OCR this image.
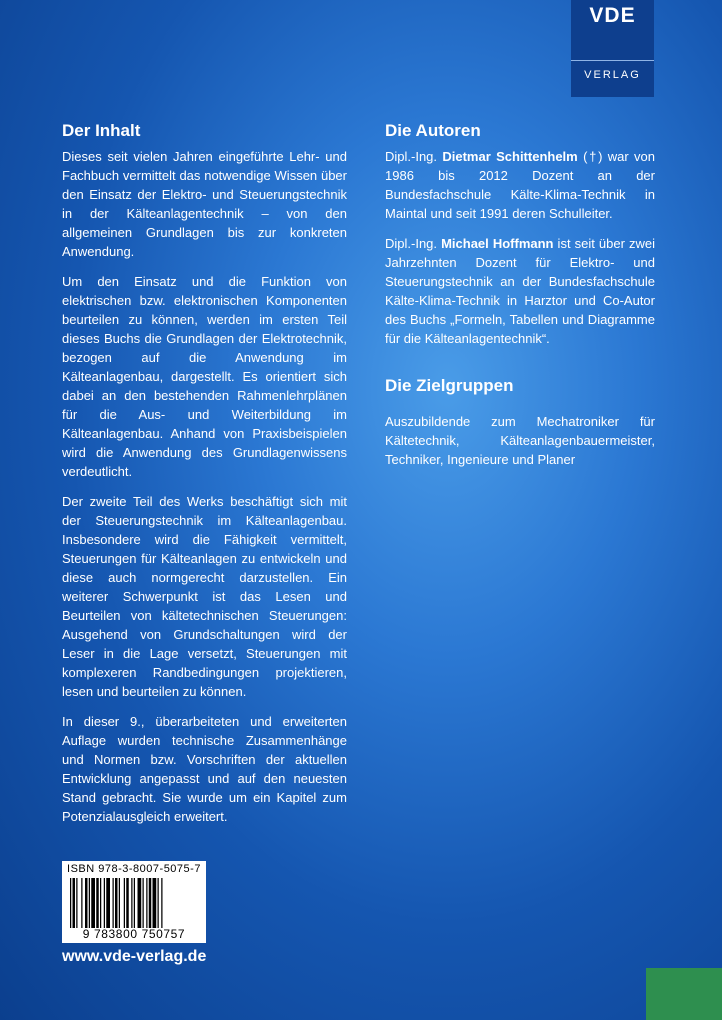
VDE
VERLAG
Der Inhalt

Dieses seit vielen Jahren eingeführte Lehr- und Fachbuch vermittelt das notwendige Wissen über den Einsatz der Elektro- und Steuerungstechnik in der Kälteanlagentechnik – von den allgemeinen Grundlagen bis zur konkreten Anwendung.

Um den Einsatz und die Funktion von elektrischen bzw. elektronischen Komponenten beurteilen zu können, werden im ersten Teil dieses Buchs die Grundlagen der Elektrotechnik, bezogen auf die Anwendung im Kälteanlagenbau, dargestellt. Es orientiert sich dabei an den bestehenden Rahmenlehrplänen für die Aus- und Weiterbildung im Kälteanlagenbau. Anhand von Praxisbeispielen wird die Anwendung des Grundlagenwissens verdeutlicht.

Der zweite Teil des Werks beschäftigt sich mit der Steuerungstechnik im Kälteanlagenbau. Insbesondere wird die Fähigkeit vermittelt, Steuerungen für Kälteanlagen zu entwickeln und diese auch normgerecht darzustellen. Ein weiterer Schwerpunkt ist das Lesen und Beurteilen von kältetechnischen Steuerungen: Ausgehend von Grundschaltungen wird der Leser in die Lage versetzt, Steuerungen mit komplexeren Randbedingungen projektieren, lesen und beurteilen zu können.

In dieser 9., überarbeiteten und erweiterten Auflage wurden technische Zusammenhänge und Normen bzw. Vorschriften der aktuellen Entwicklung angepasst und auf den neuesten Stand gebracht. Sie wurde um ein Kapitel zum Potenzialausgleich erweitert.

Die Autoren

Dipl.-Ing. Dietmar Schittenhelm (†) war von 1986 bis 2012 Dozent an der Bundesfachschule Kälte-Klima-Technik in Maintal und seit 1991 deren Schulleiter.

Dipl.-Ing. Michael Hoffmann ist seit über zwei Jahrzehnten Dozent für Elektro- und Steuerungstechnik an der Bundesfachschule Kälte-Klima-Technik in Harztor und Co-Autor des Buchs „Formeln, Tabellen und Diagramme für die Kälteanlagentechnik“.

Die Zielgruppen

Auszubildende zum Mechatroniker für Kältetechnik, Kälteanlagenbauermeister, Techniker, Ingenieure und Planer

ISBN 978-3-8007-5075-7
9 783800 750757
www.vde-verlag.de
